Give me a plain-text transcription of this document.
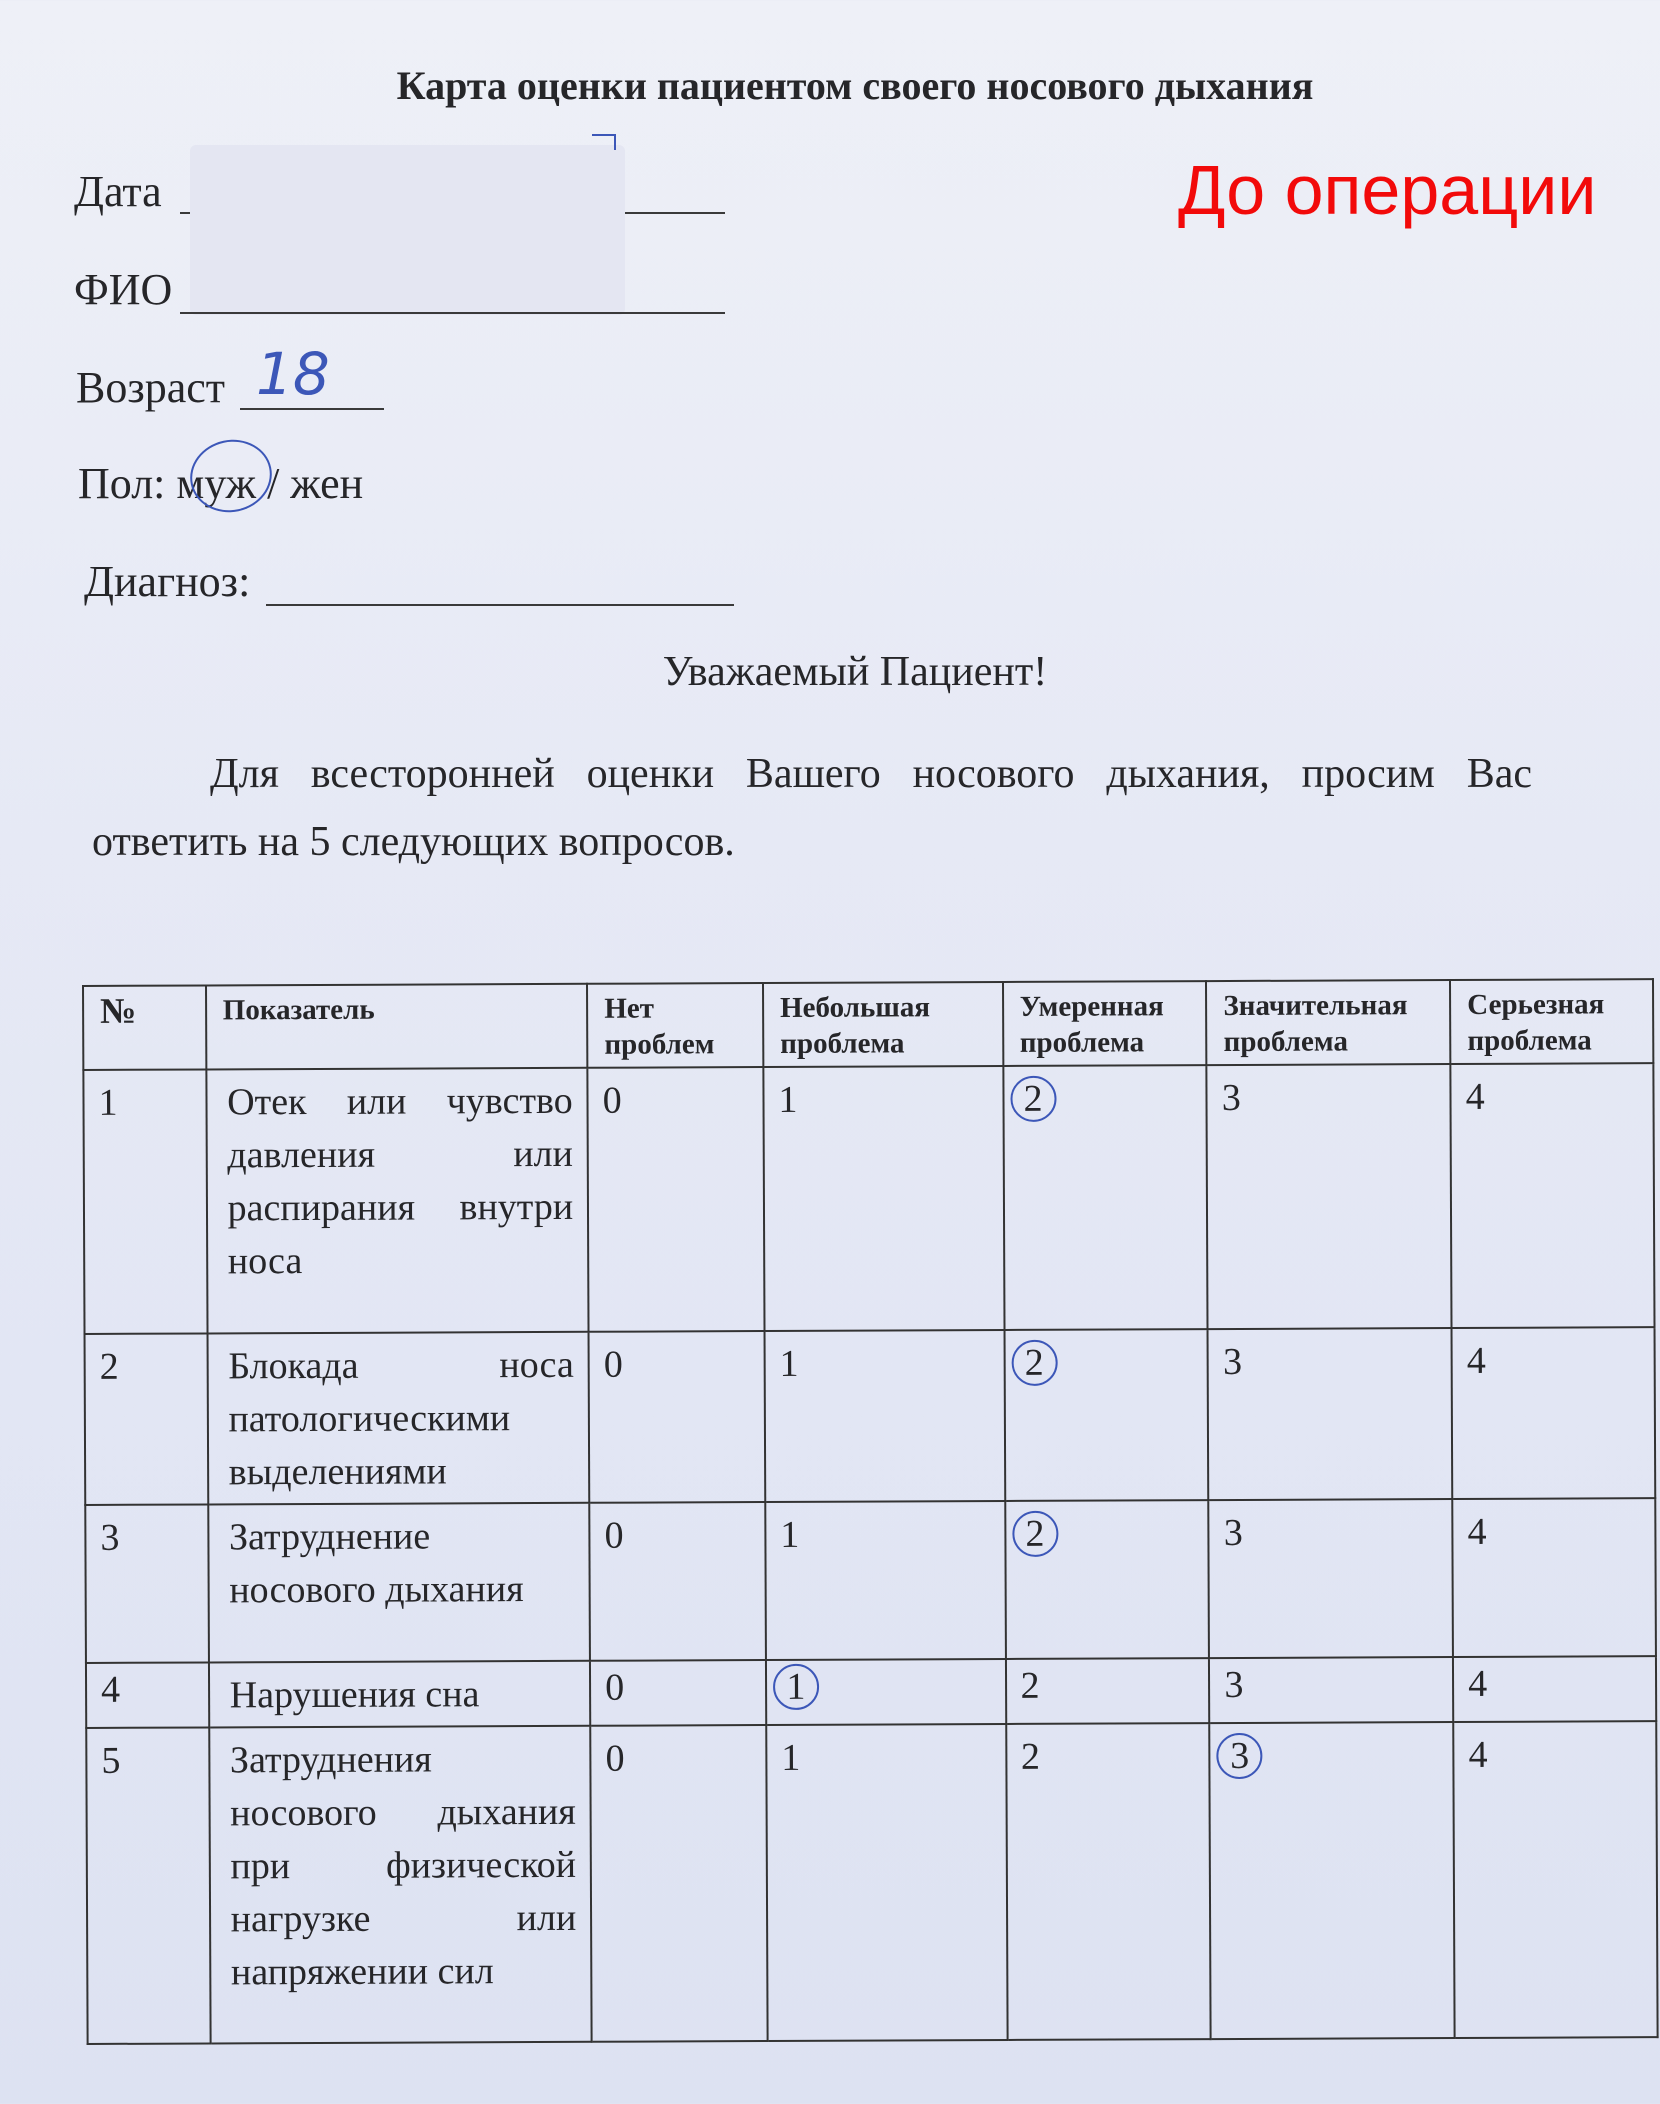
Карта оценки пациентом своего носового дыхания
До операции
Дата
ФИО
Возраст 18
Пол: муж / жен
Диагноз:
Уважаемый Пациент!
Для всесторонней оценки Вашего носового дыхания, просим Вас ответить на 5 следующих вопросов.
№	Показатель	Нет проблем	Небольшая проблема	Умеренная проблема	Значительная проблема	Серьезная проблема
1	Отек или чувство давления или распирания внутри носа	0	1	2	3	4
2	Блокада носа патологическими выделениями	0	1	2	3	4
3	Затруднение носового дыхания	0	1	2	3	4
4	Нарушения сна	0	1	2	3	4
5	Затруднения носового дыхания при физической нагрузке или напряжении сил	0	1	2	3	4
